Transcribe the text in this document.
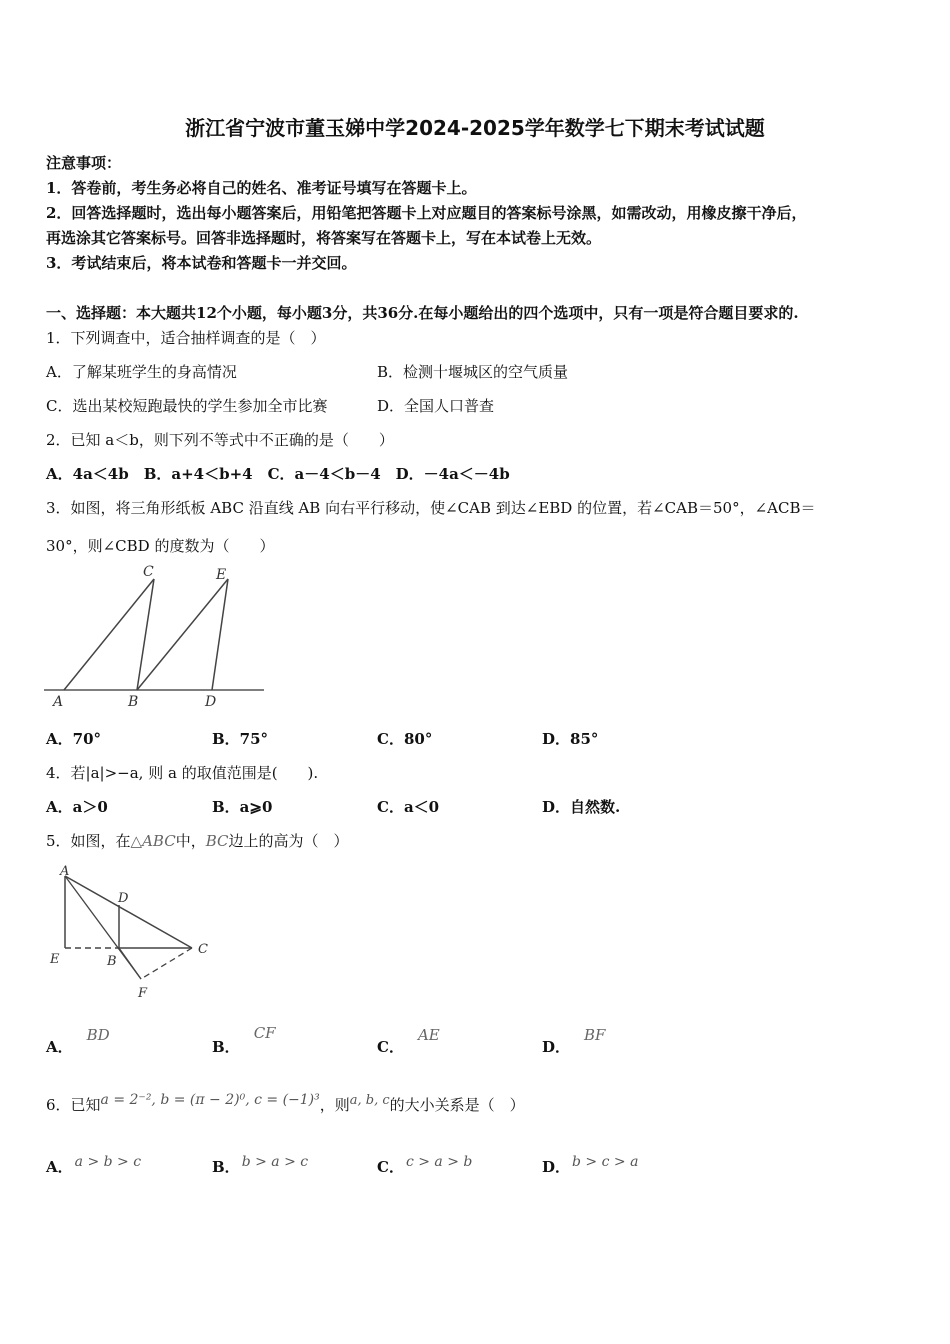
浙江省宁波市董玉娣中学2024-2025学年数学七下期末考试试题
注意事项：
1．答卷前，考生务必将自己的姓名、准考证号填写在答题卡上。
2．回答选择题时，选出每小题答案后，用铅笔把答题卡上对应题目的答案标号涂黑，如需改动，用橡皮擦干净后，
再选涂其它答案标号。回答非选择题时，将答案写在答题卡上，写在本试卷上无效。
3．考试结束后，将本试卷和答题卡一并交回。
一、选择题：本大题共12个小题，每小题3分，共36分.在每小题给出的四个选项中，只有一项是符合题目要求的.
1．下列调查中，适合抽样调查的是（　）
A．了解某班学生的身高情况	B．检测十堰城区的空气质量
C．选出某校短跑最快的学生参加全市比赛	D．全国人口普查
2．已知 a＜b，则下列不等式中不正确的是（　　）
A．4a＜4b　B．a+4＜b+4　C．a－4＜b－4　D．－4a＜－4b
3．如图，将三角形纸板 ABC 沿直线 AB 向右平行移动，使∠CAB 到达∠EBD 的位置，若∠CAB＝50°，∠ACB＝
30°，则∠CBD 的度数为（　　）
C	E
A	B	D
A．70°	B．75°	C．80°	D．85°
4．若|a|>−a, 则 a 的取值范围是(　　).
A．a＞0	B．a⩾0	C．a＜0	D．自然数.
5．如图，在△ABC中，BC边上的高为（　）
A
D
E	B
C
F
A．BD
B．CF
C．AE
D．BF
6．已知a = 2⁻², b = (π − 2)⁰, c = (−1)³，则a, b, c的大小关系是（　）
A． a > b > c	B． b > a > c	C． c > a > b	D． b > c > a
